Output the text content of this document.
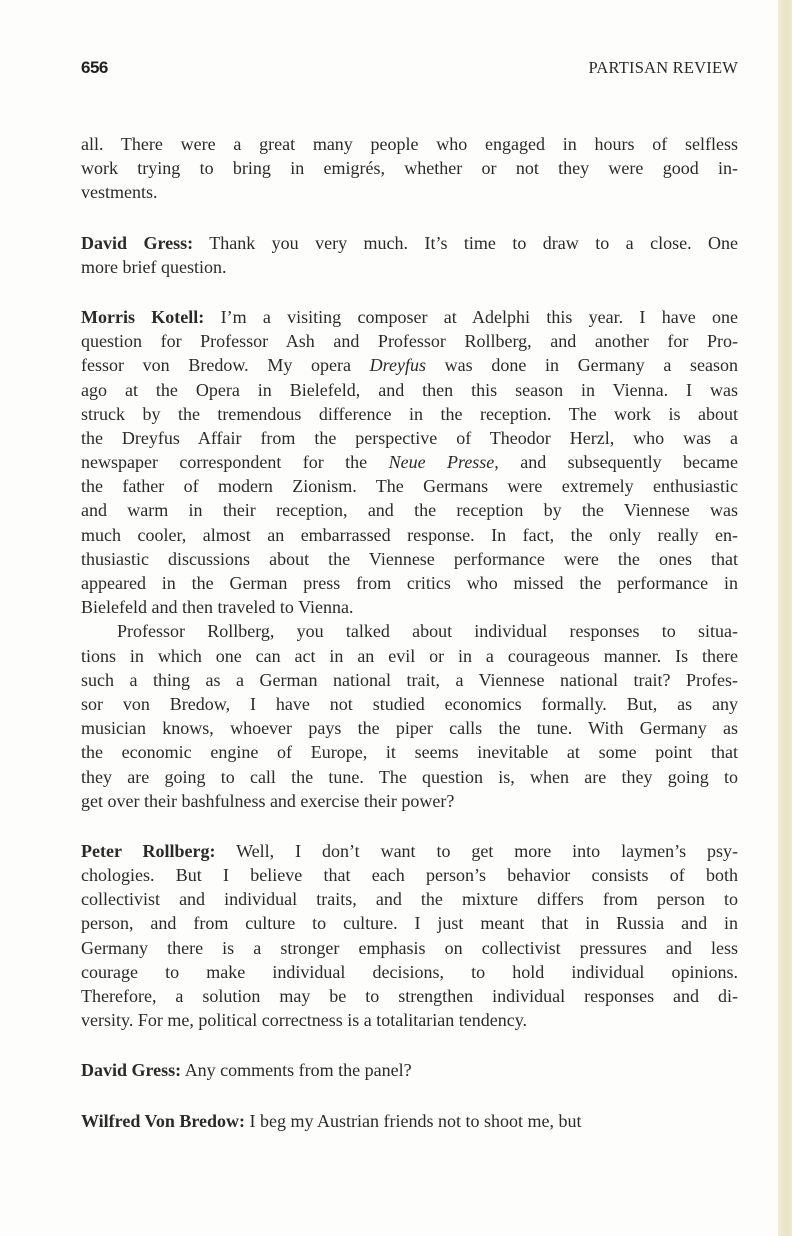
656	PARTISAN REVIEW
all. There were a great many people who engaged in hours of selfless
work trying to bring in emigrés, whether or not they were good in-
vestments.
David Gress: Thank you very much. It’s time to draw to a close. One
more brief question.
Morris Kotell: I’m a visiting composer at Adelphi this year. I have one
question for Professor Ash and Professor Rollberg, and another for Pro-
fessor von Bredow. My opera Dreyfus was done in Germany a season
ago at the Opera in Bielefeld, and then this season in Vienna. I was
struck by the tremendous difference in the reception. The work is about
the Dreyfus Affair from the perspective of Theodor Herzl, who was a
newspaper correspondent for the Neue Presse, and subsequently became
the father of modern Zionism. The Germans were extremely enthusiastic
and warm in their reception, and the reception by the Viennese was
much cooler, almost an embarrassed response. In fact, the only really en-
thusiastic discussions about the Viennese performance were the ones that
appeared in the German press from critics who missed the performance in
Bielefeld and then traveled to Vienna.
Professor Rollberg, you talked about individual responses to situa-
tions in which one can act in an evil or in a courageous manner. Is there
such a thing as a German national trait, a Viennese national trait? Profes-
sor von Bredow, I have not studied economics formally. But, as any
musician knows, whoever pays the piper calls the tune. With Germany as
the economic engine of Europe, it seems inevitable at some point that
they are going to call the tune. The question is, when are they going to
get over their bashfulness and exercise their power?
Peter Rollberg: Well, I don’t want to get more into laymen’s psy-
chologies. But I believe that each person’s behavior consists of both
collectivist and individual traits, and the mixture differs from person to
person, and from culture to culture. I just meant that in Russia and in
Germany there is a stronger emphasis on collectivist pressures and less
courage to make individual decisions, to hold individual opinions.
Therefore, a solution may be to strengthen individual responses and di-
versity. For me, political correctness is a totalitarian tendency.
David Gress: Any comments from the panel?
Wilfred Von Bredow: I beg my Austrian friends not to shoot me, but
